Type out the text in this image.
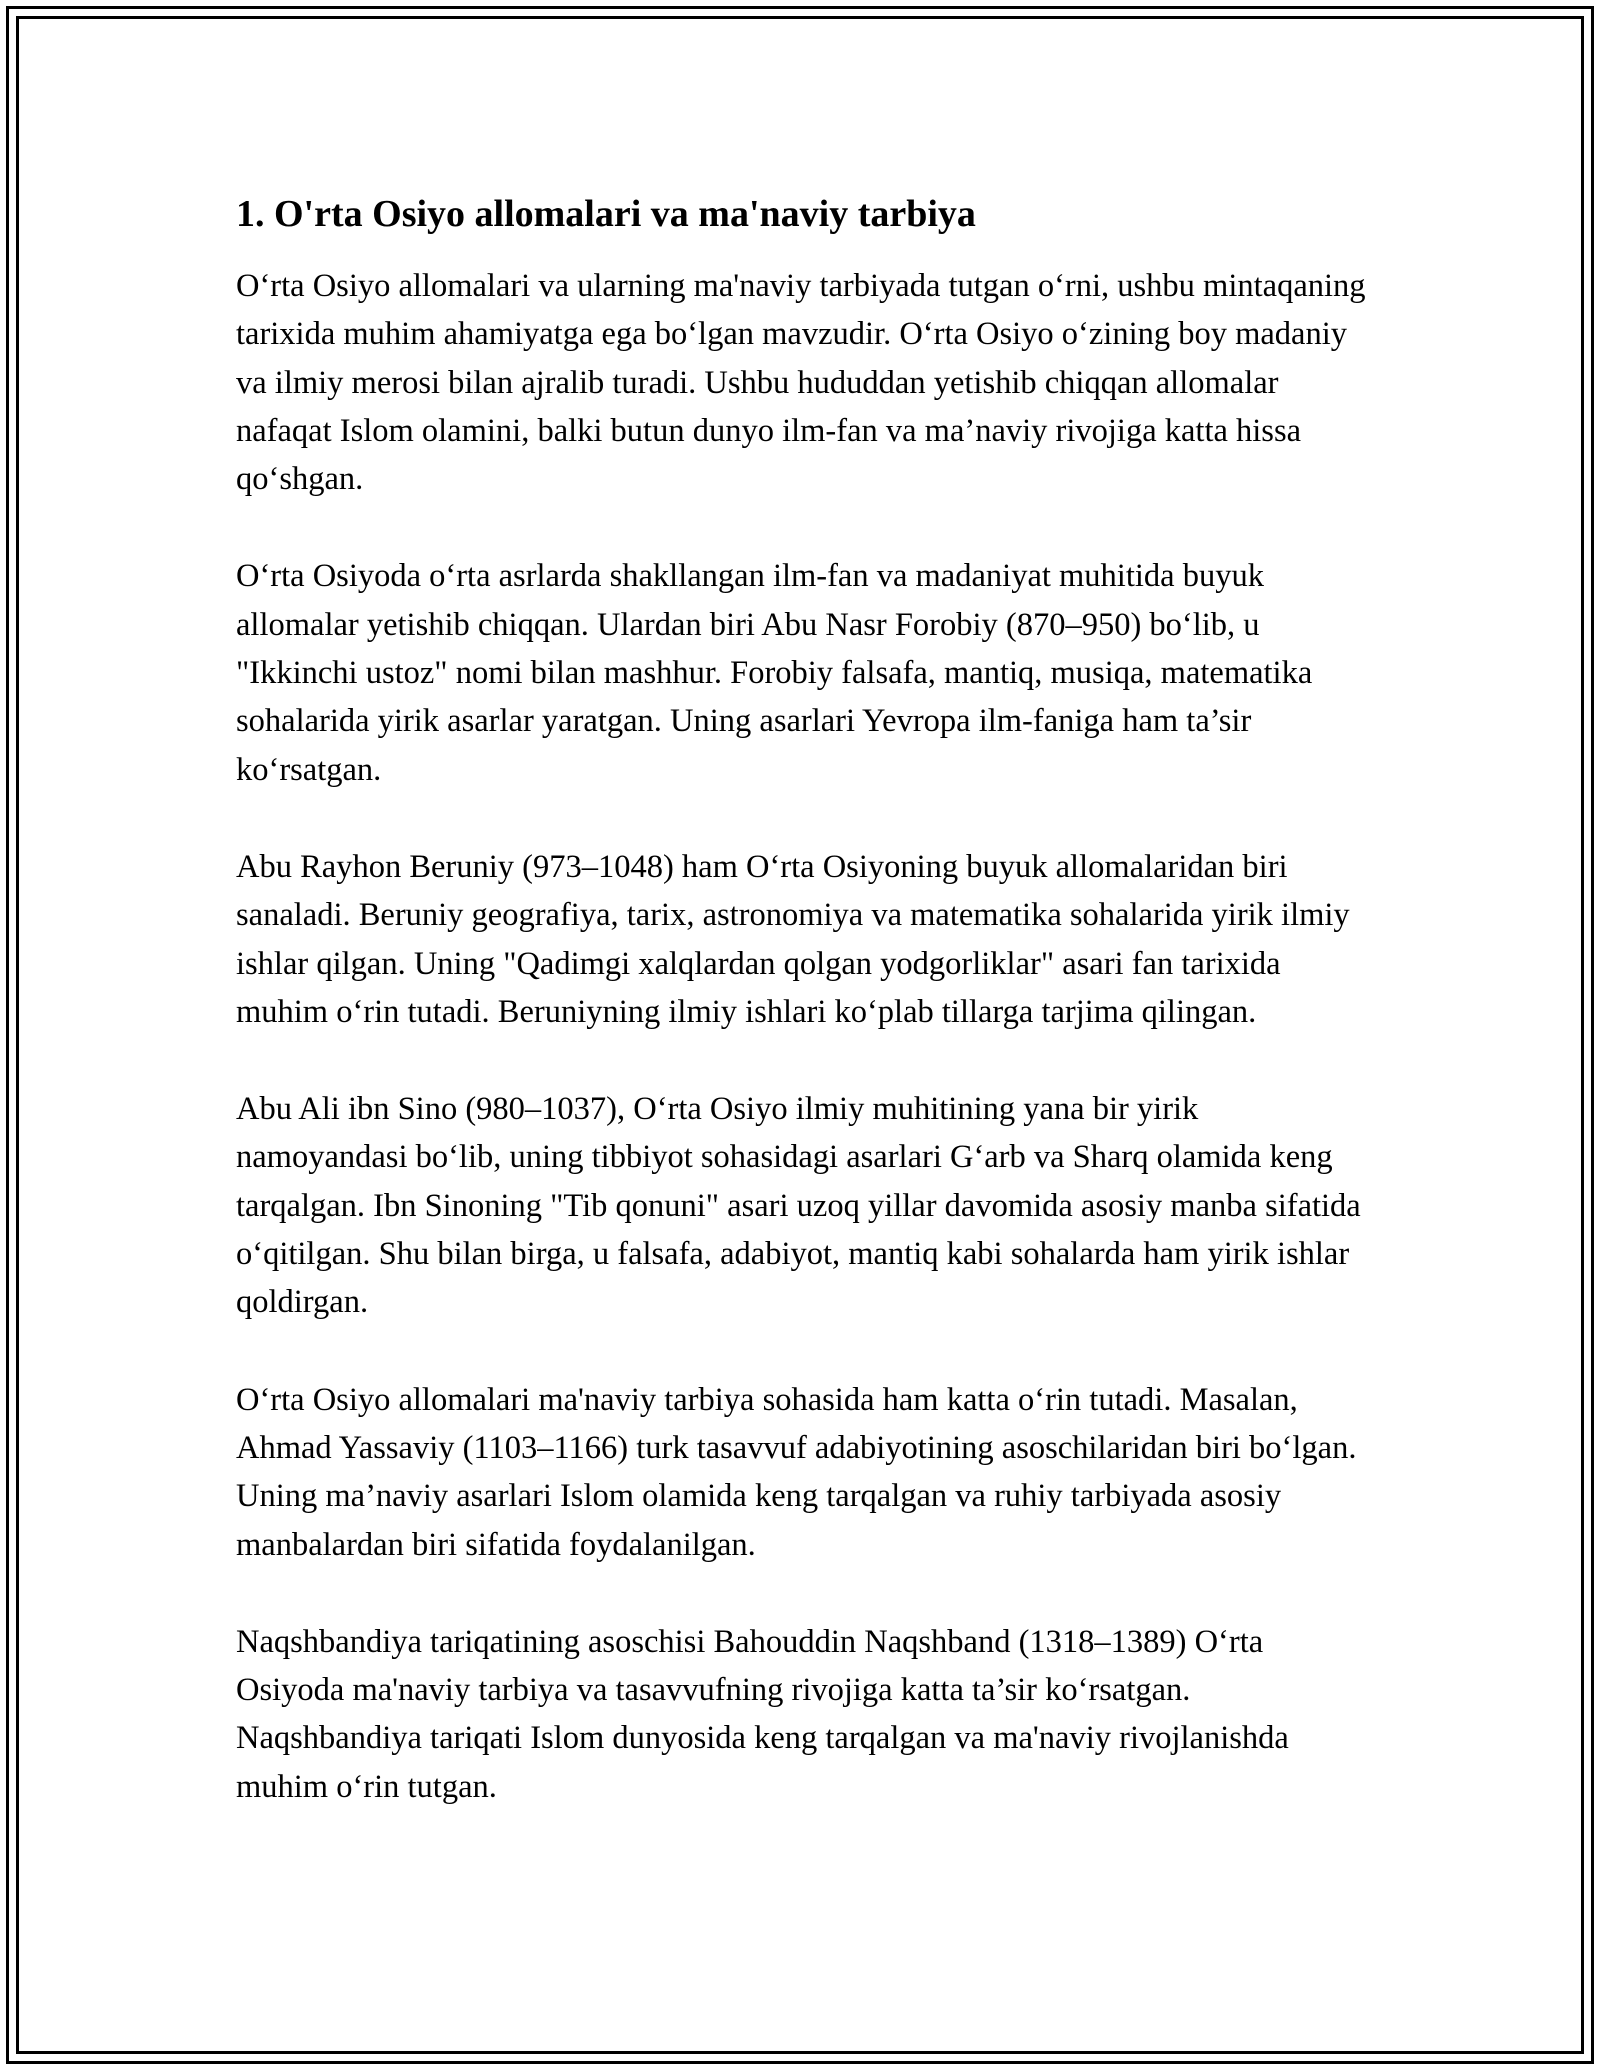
1. O'rta Osiyo allomalari va ma'naviy tarbiya

O‘rta Osiyo allomalari va ularning ma'naviy tarbiyada tutgan o‘rni, ushbu mintaqaning tarixida muhim ahamiyatga ega bo‘lgan mavzudir. O‘rta Osiyo o‘zining boy madaniy va ilmiy merosi bilan ajralib turadi. Ushbu hududdan yetishib chiqqan allomalar nafaqat Islom olamini, balki butun dunyo ilm-fan va ma’naviy rivojiga katta hissa qo‘shgan.

O‘rta Osiyoda o‘rta asrlarda shakllangan ilm-fan va madaniyat muhitida buyuk allomalar yetishib chiqqan. Ulardan biri Abu Nasr Forobiy (870–950) bo‘lib, u "Ikkinchi ustoz" nomi bilan mashhur. Forobiy falsafa, mantiq, musiqa, matematika sohalarida yirik asarlar yaratgan. Uning asarlari Yevropa ilm-faniga ham ta’sir ko‘rsatgan.

Abu Rayhon Beruniy (973–1048) ham O‘rta Osiyoning buyuk allomalaridan biri sanaladi. Beruniy geografiya, tarix, astronomiya va matematika sohalarida yirik ilmiy ishlar qilgan. Uning "Qadimgi xalqlardan qolgan yodgorliklar" asari fan tarixida muhim o‘rin tutadi. Beruniyning ilmiy ishlari ko‘plab tillarga tarjima qilingan.

Abu Ali ibn Sino (980–1037), O‘rta Osiyo ilmiy muhitining yana bir yirik namoyandasi bo‘lib, uning tibbiyot sohasidagi asarlari G‘arb va Sharq olamida keng tarqalgan. Ibn Sinoning "Tib qonuni" asari uzoq yillar davomida asosiy manba sifatida o‘qitilgan. Shu bilan birga, u falsafa, adabiyot, mantiq kabi sohalarda ham yirik ishlar qoldirgan.

O‘rta Osiyo allomalari ma'naviy tarbiya sohasida ham katta o‘rin tutadi. Masalan, Ahmad Yassaviy (1103–1166) turk tasavvuf adabiyotining asoschilaridan biri bo‘lgan. Uning ma’naviy asarlari Islom olamida keng tarqalgan va ruhiy tarbiyada asosiy manbalardan biri sifatida foydalanilgan.

Naqshbandiya tariqatining asoschisi Bahouddin Naqshband (1318–1389) O‘rta Osiyoda ma'naviy tarbiya va tasavvufning rivojiga katta ta’sir ko‘rsatgan. Naqshbandiya tariqati Islom dunyosida keng tarqalgan va ma'naviy rivojlanishda muhim o‘rin tutgan.
